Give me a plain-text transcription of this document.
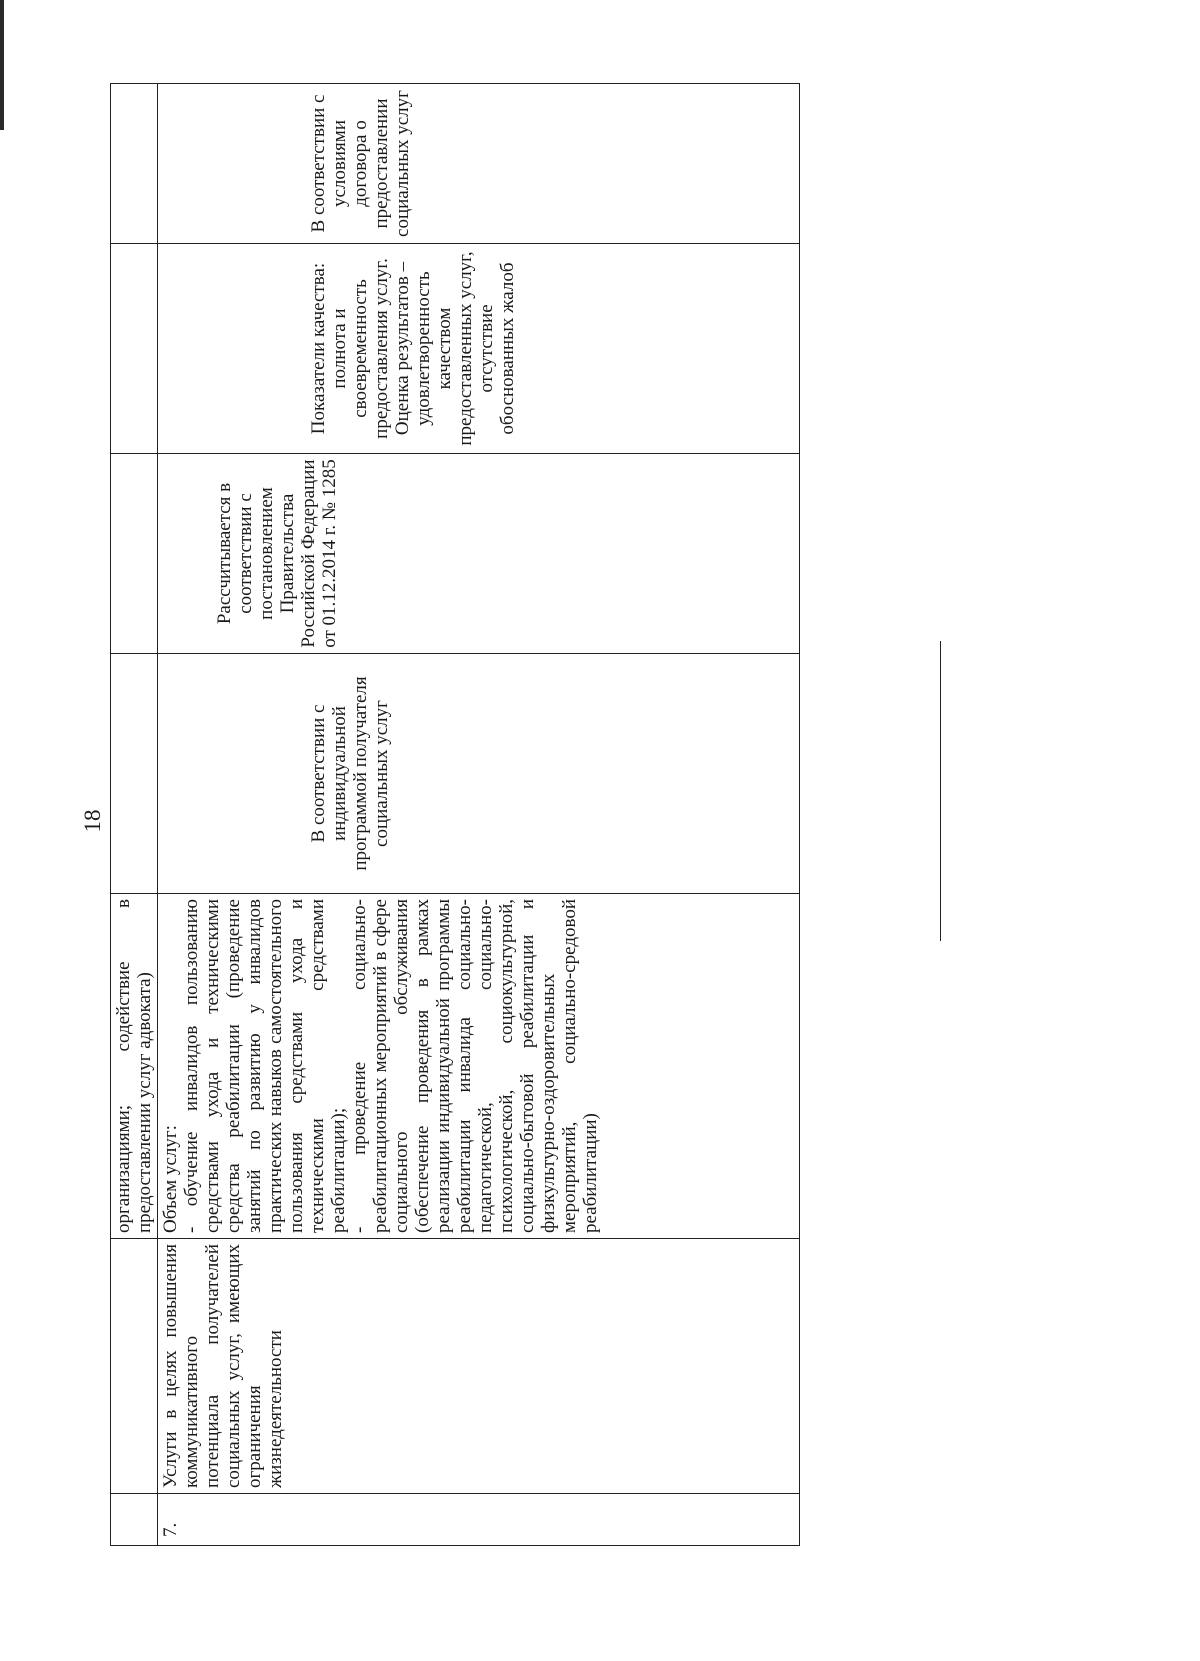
18
		организациями; содействие в предоставлении услуг адвоката)				
7.	Услуги в целях повышения коммуникативного потенциала получателей социальных услуг, имеющих ограничения жизнедеятельности	Объем услуг: - обучение инвалидов пользованию средствами ухода и техническими средства реабилитации (проведение занятий по развитию у инвалидов практических навыков самостоятельного пользования средствами ухода и техническими средствами реабилитации); - проведение социально-реабилитационных мероприятий в сфере социального обслуживания (обеспечение проведения в рамках реализации индивидуальной программы реабилитации инвалида социально-педагогической, социально-психологической, социокультурной, социально-бытовой реабилитации и физкультурно-оздоровительных мероприятий, социально-средовой реабилитации)	В соответствии с индивидуальной программой получателя социальных услуг	Рассчитывается в соответствии с постановлением Правительства Российской Федерации от 01.12.2014 г. № 1285	Показатели качества: полнота и своевременность предоставления услуг. Оценка результатов – удовлетворенность качеством предоставленных услуг, отсутствие обоснованных жалоб	В соответствии с условиями договора о предоставлении социальных услуг
